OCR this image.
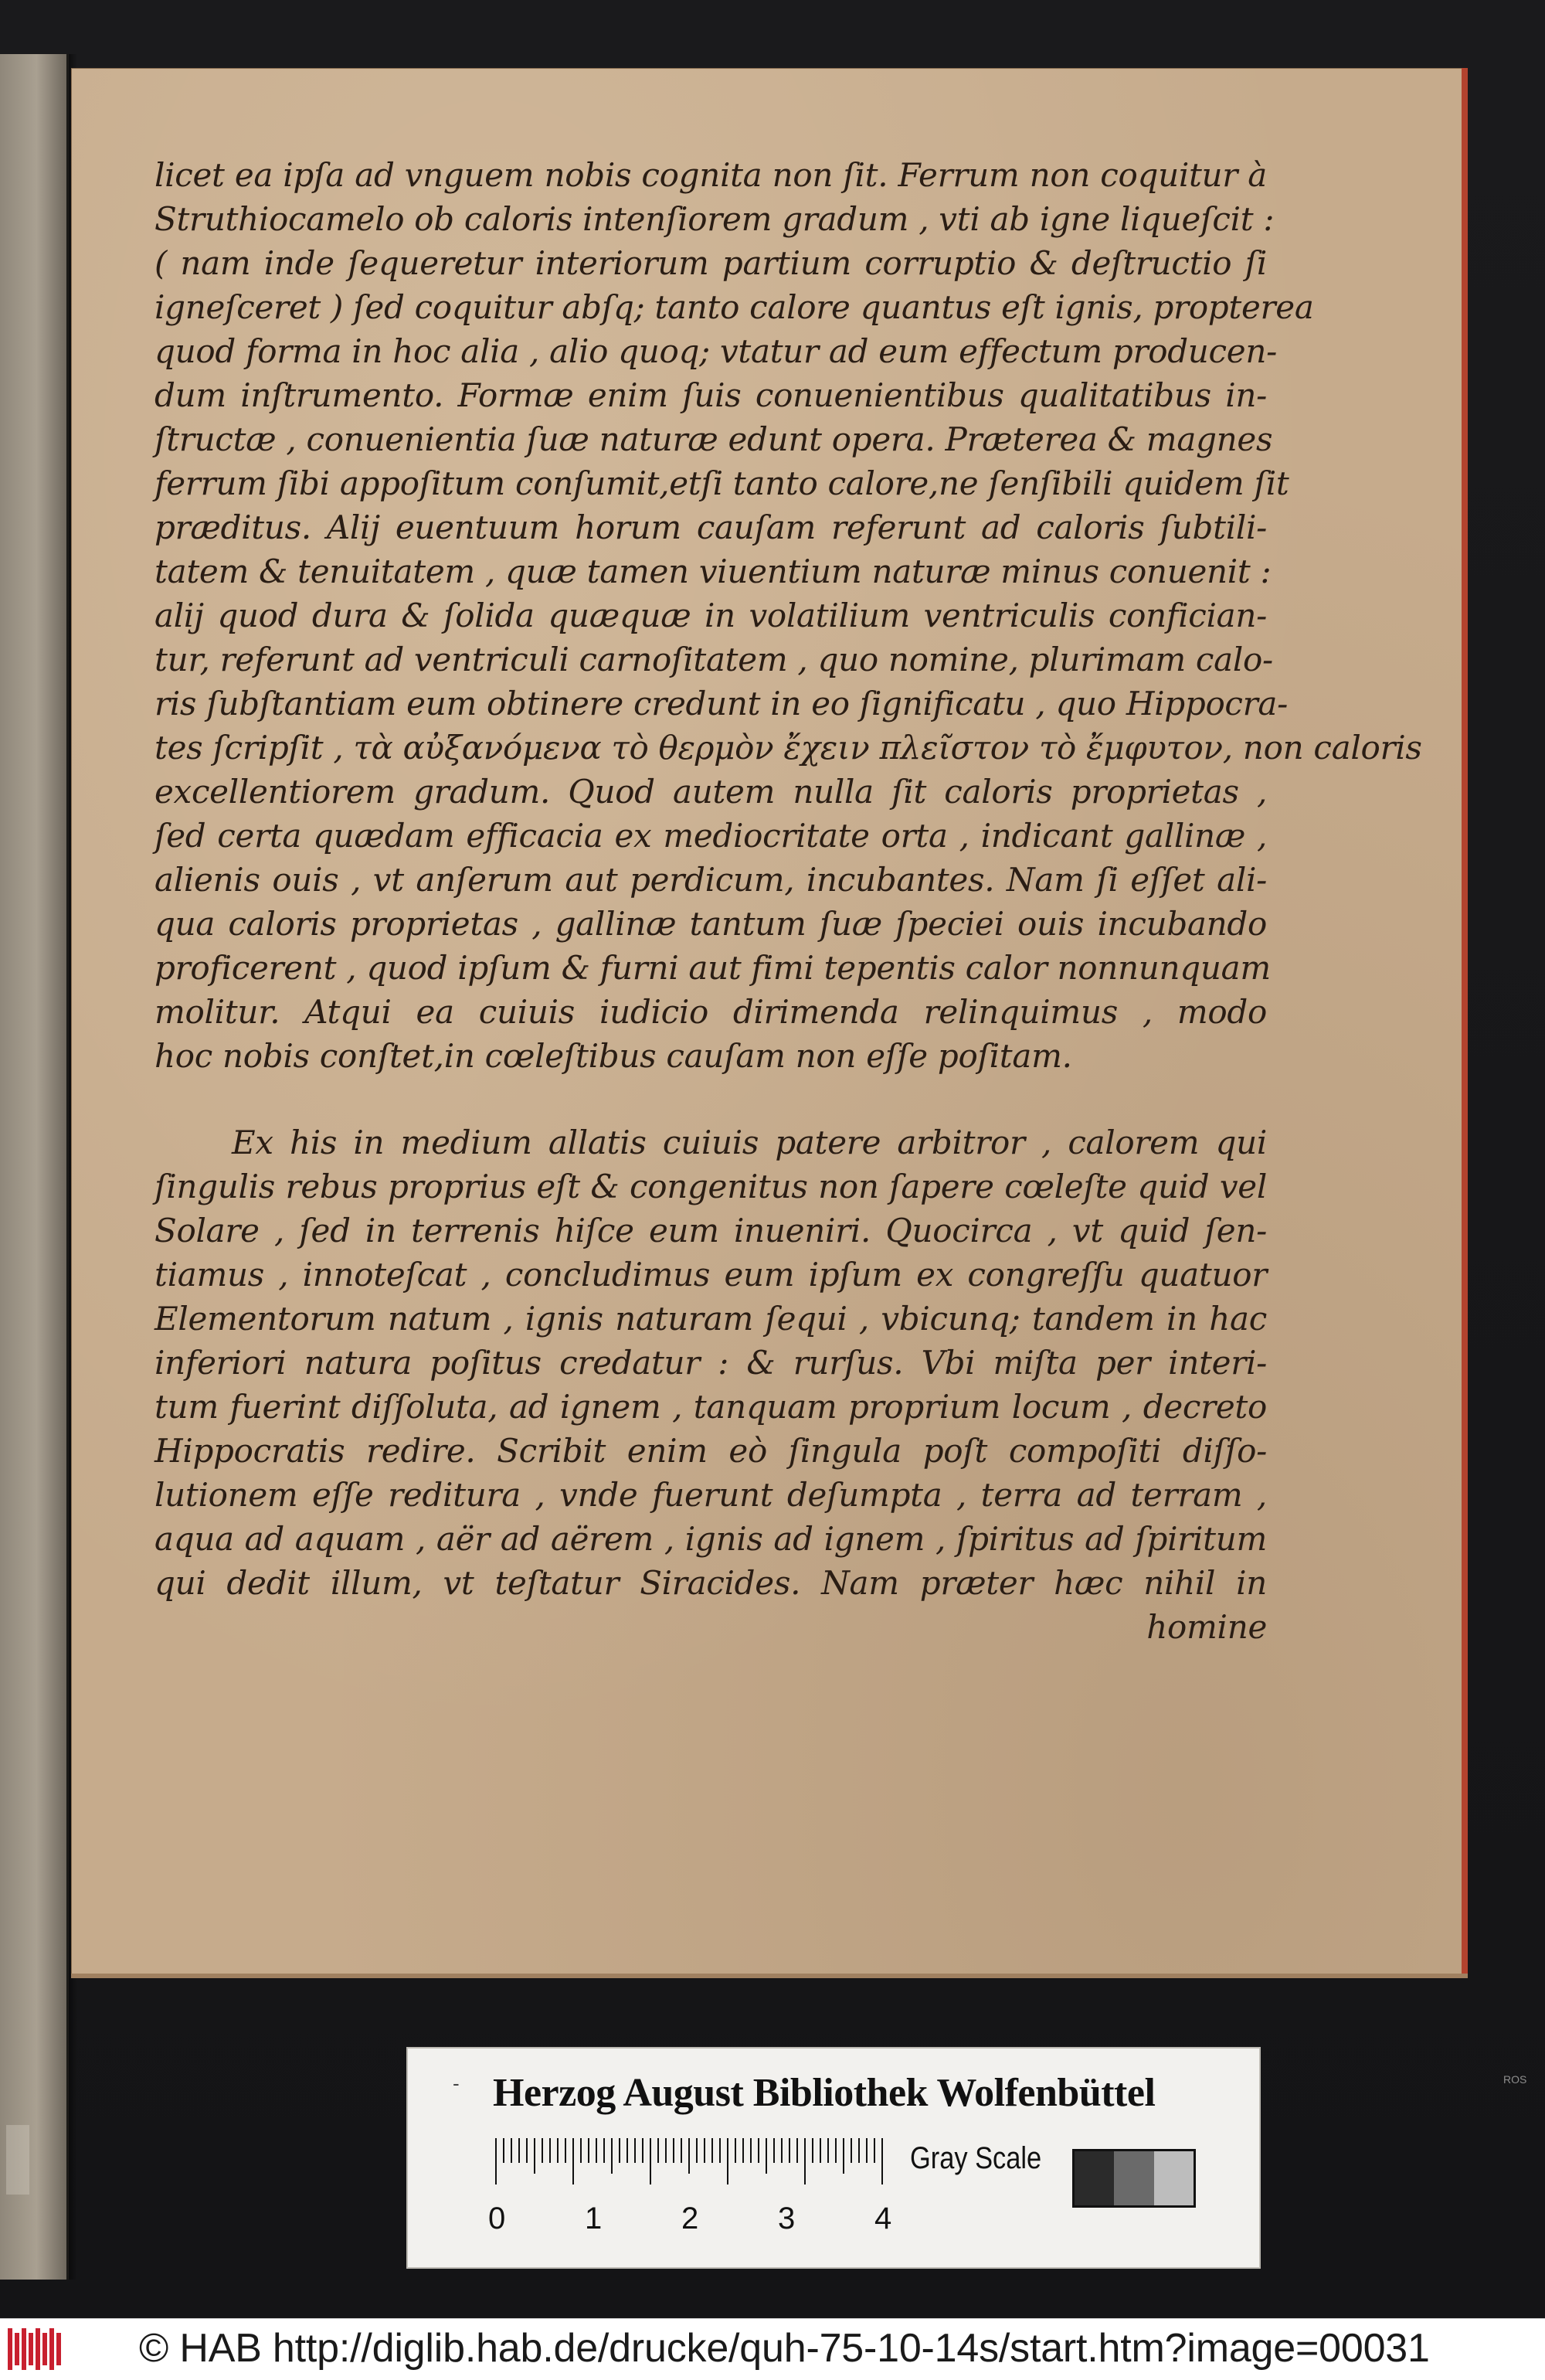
licet ea ipſa ad vnguem nobis cognita non ſit. Ferrum non coquitur à
Struthiocamelo ob caloris intenſiorem gradum , vti ab igne liqueſcit :
( nam inde ſequeretur interiorum partium corruptio & deſtructio ſi
igneſceret ) ſed coquitur abſq; tanto calore quantus eſt ignis, propterea
quod forma in hoc alia , alio quoq; vtatur ad eum effectum producen-
dum inſtrumento. Formæ enim ſuis conuenientibus qualitatibus in-
ſtructæ , conuenientia ſuæ naturæ edunt opera. Præterea & magnes
ferrum ſibi appoſitum conſumit,etſi tanto calore,ne ſenſibili quidem ſit
præditus. Alij euentuum horum cauſam referunt ad caloris ſubtili-
tatem & tenuitatem , quæ tamen viuentium naturæ minus conuenit :
alij quod dura & ſolida quæquæ in volatilium ventriculis confician-
tur, referunt ad ventriculi carnoſitatem , quo nomine, plurimam calo-
ris ſubſtantiam eum obtinere credunt in eo ſignificatu , quo Hippocra-
tes ſcripſit , τὰ αὐξανόμενα τὸ θερμὸν ἔχειν πλεῖστον τὸ ἔμφυτον, non caloris
excellentiorem gradum. Quod autem nulla ſit caloris proprietas ,
ſed certa quædam efficacia ex mediocritate orta , indicant gallinæ ,
alienis ouis , vt anſerum aut perdicum, incubantes. Nam ſi eſſet ali-
qua caloris proprietas , gallinæ tantum ſuæ ſpeciei ouis incubando
proficerent , quod ipſum & furni aut fimi tepentis calor nonnunquam
molitur. Atqui ea cuiuis iudicio dirimenda relinquimus , modo
hoc nobis conſtet,in cœleſtibus cauſam non eſſe poſitam.
Ex his in medium allatis cuiuis patere arbitror , calorem qui
ſingulis rebus proprius eſt & congenitus non ſapere cœleſte quid vel
Solare , ſed in terrenis hiſce eum inueniri. Quocirca , vt quid ſen-
tiamus , innoteſcat , concludimus eum ipſum ex congreſſu quatuor
Elementorum natum , ignis naturam ſequi , vbicunq; tandem in hac
inferiori natura poſitus credatur : & rurſus. Vbi miſta per interi-
tum fuerint diſſoluta, ad ignem , tanquam proprium locum , decreto
Hippocratis redire. Scribit enim eò ſingula poſt compoſiti diſſo-
lutionem eſſe reditura , vnde fuerunt deſumpta , terra ad terram ,
aqua ad aquam , aër ad aërem , ignis ad ignem , ſpiritus ad ſpiritum
qui dedit illum, vt teſtatur Siracides. Nam præter hæc nihil in
homine
- Herzog August Bibliothek Wolfenbüttel
0	1	2	3	4
Gray Scale
ROS
© HAB http://diglib.hab.de/drucke/quh-75-10-14s/start.htm?image=00031
